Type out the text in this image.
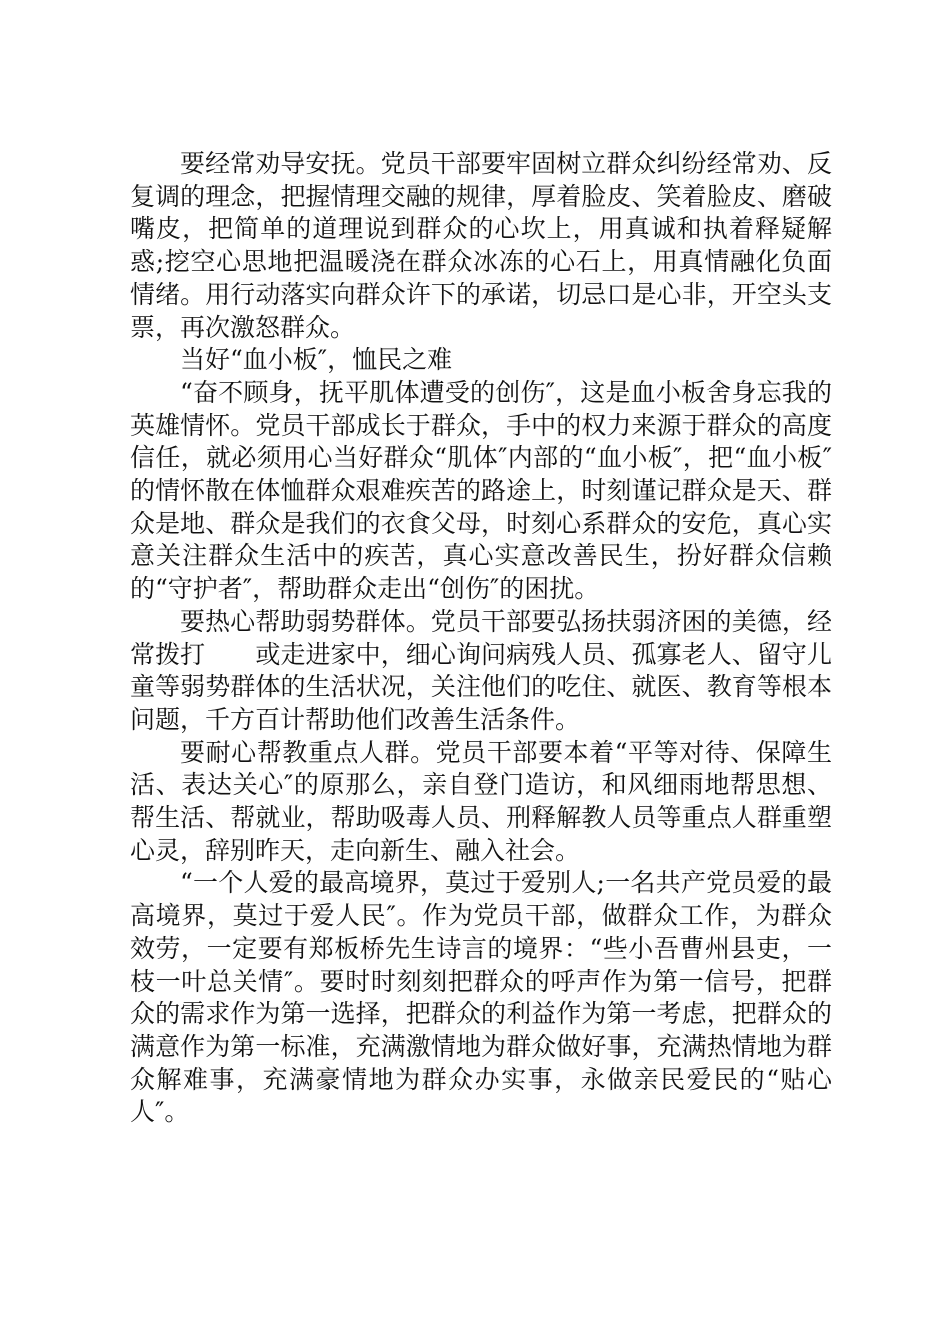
要经常劝导安抚。党员干部要牢固树立群众纠纷经常劝、反复调的理念，把握情理交融的规律，厚着脸皮、笑着脸皮、磨破嘴皮，把简单的道理说到群众的心坎上，用真诚和执着释疑解惑;挖空心思地把温暖浇在群众冰冻的心石上，用真情融化负面情绪。用行动落实向群众许下的承诺，切忌口是心非，开空头支票，再次激怒群众。

当好“血小板″，恤民之难

“奋不顾身，抚平肌体遭受的创伤″，这是血小板舍身忘我的英雄情怀。党员干部成长于群众，手中的权力来源于群众的高度信任，就必须用心当好群众“肌体″内部的“血小板″，把“血小板″的情怀散在体恤群众艰难疾苦的路途上，时刻谨记群众是天、群众是地、群众是我们的衣食父母，时刻心系群众的安危，真心实意关注群众生活中的疾苦，真心实意改善民生，扮好群众信赖的“守护者″，帮助群众走出“创伤″的困扰。

要热心帮助弱势群体。党员干部要弘扬扶弱济困的美德，经常拨打　　或走进家中，细心询问病残人员、孤寡老人、留守儿童等弱势群体的生活状况，关注他们的吃住、就医、教育等根本问题，千方百计帮助他们改善生活条件。

要耐心帮教重点人群。党员干部要本着“平等对待、保障生活、表达关心″的原那么，亲自登门造访，和风细雨地帮思想、帮生活、帮就业，帮助吸毒人员、刑释解教人员等重点人群重塑心灵，辞别昨天，走向新生、融入社会。

“一个人爱的最高境界，莫过于爱别人;一名共产党员爱的最高境界，莫过于爱人民″。作为党员干部，做群众工作，为群众效劳，一定要有郑板桥先生诗言的境界：“些小吾曹州县吏，一枝一叶总关情″。要时时刻刻把群众的呼声作为第一信号，把群众的需求作为第一选择，把群众的利益作为第一考虑，把群众的满意作为第一标准，充满激情地为群众做好事，充满热情地为群众解难事，充满豪情地为群众办实事，永做亲民爱民的“贴心人″。
